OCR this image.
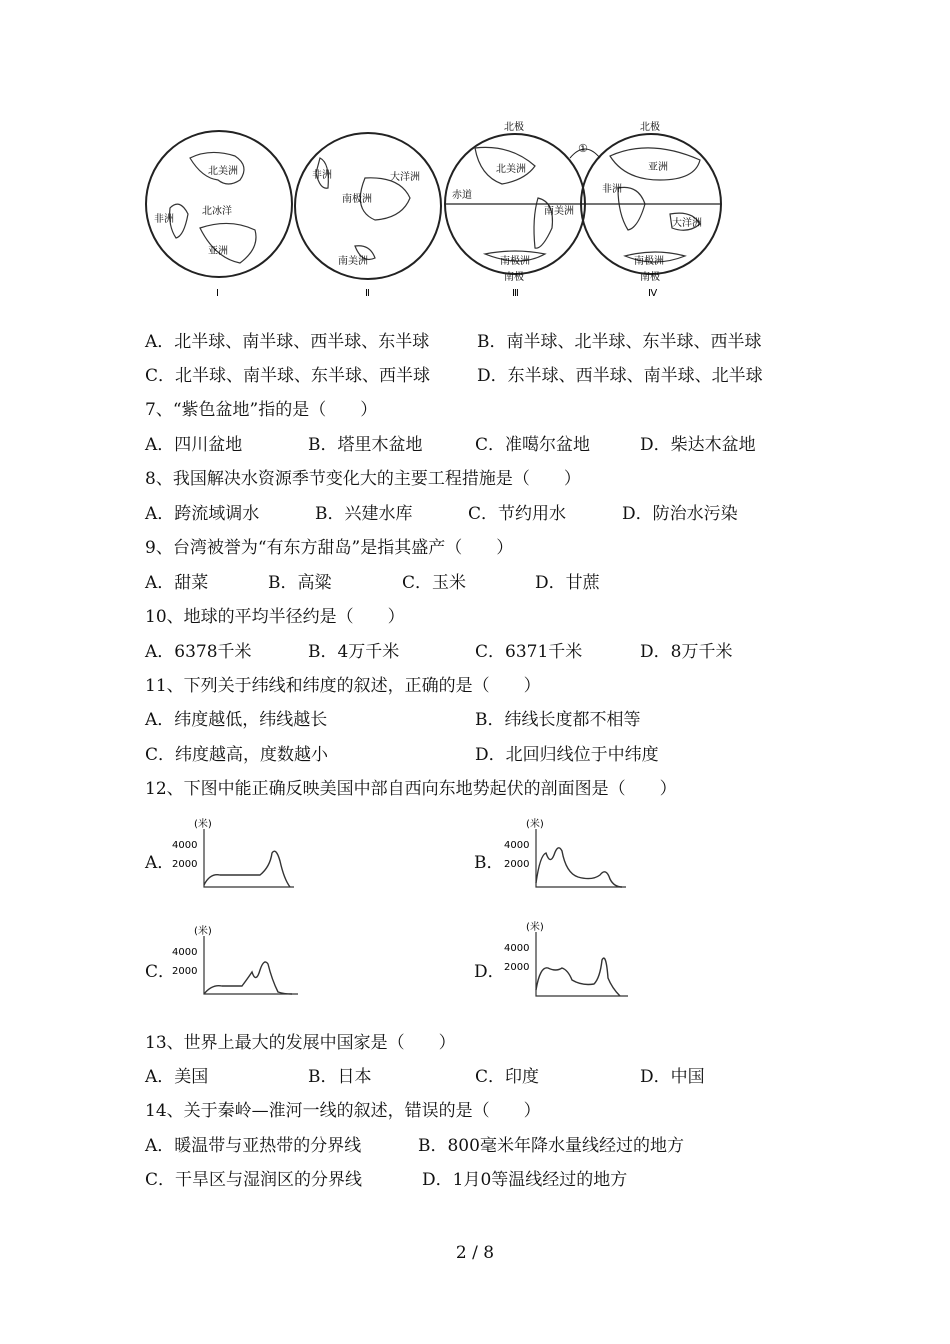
①
北美洲
北冰洋
非洲
亚洲
Ⅰ
大洋洲
非洲
南极洲
南美洲
Ⅱ
北极
北美洲
赤道
南美洲
南极洲
南极
Ⅲ
北极
亚洲
非洲
大洋洲
南极洲
南极
Ⅳ
A．北半球、南半球、西半球、东半球	B．南半球、北半球、东半球、西半球
C．北半球、南半球、东半球、西半球	D．东半球、西半球、南半球、北半球
7、“紫色盆地”指的是（　　）
A．四川盆地	B．塔里木盆地	C．准噶尔盆地	D．柴达木盆地
8、我国解决水资源季节变化大的主要工程措施是（　　）
A．跨流域调水	B．兴建水库	C．节约用水	D．防治水污染
9、台湾被誉为“有东方甜岛”是指其盛产（　　）
A．甜菜	B．高粱	C．玉米	D．甘蔗
10、地球的平均半径约是（　　）
A．6378千米	B．4万千米	C．6371千米	D．8万千米
11、下列关于纬线和纬度的叙述，正确的是（　　）
A．纬度越低，纬线越长	B．纬线长度都不相等
C．纬度越高，度数越小	D．北回归线位于中纬度
12、下图中能正确反映美国中部自西向东地势起伏的剖面图是（　　）
A．	B．
C．	D．
(米)
4000
2000
(米)
4000
2000
(米)
4000
2000
(米)
4000
2000
13、世界上最大的发展中国家是（　　）
A．美国	B．日本	C．印度	D．中国
14、关于秦岭—淮河一线的叙述，错误的是（　　）
A．暖温带与亚热带的分界线	B．800毫米年降水量线经过的地方
C．干旱区与湿润区的分界线	D．1月0等温线经过的地方
2 / 8
